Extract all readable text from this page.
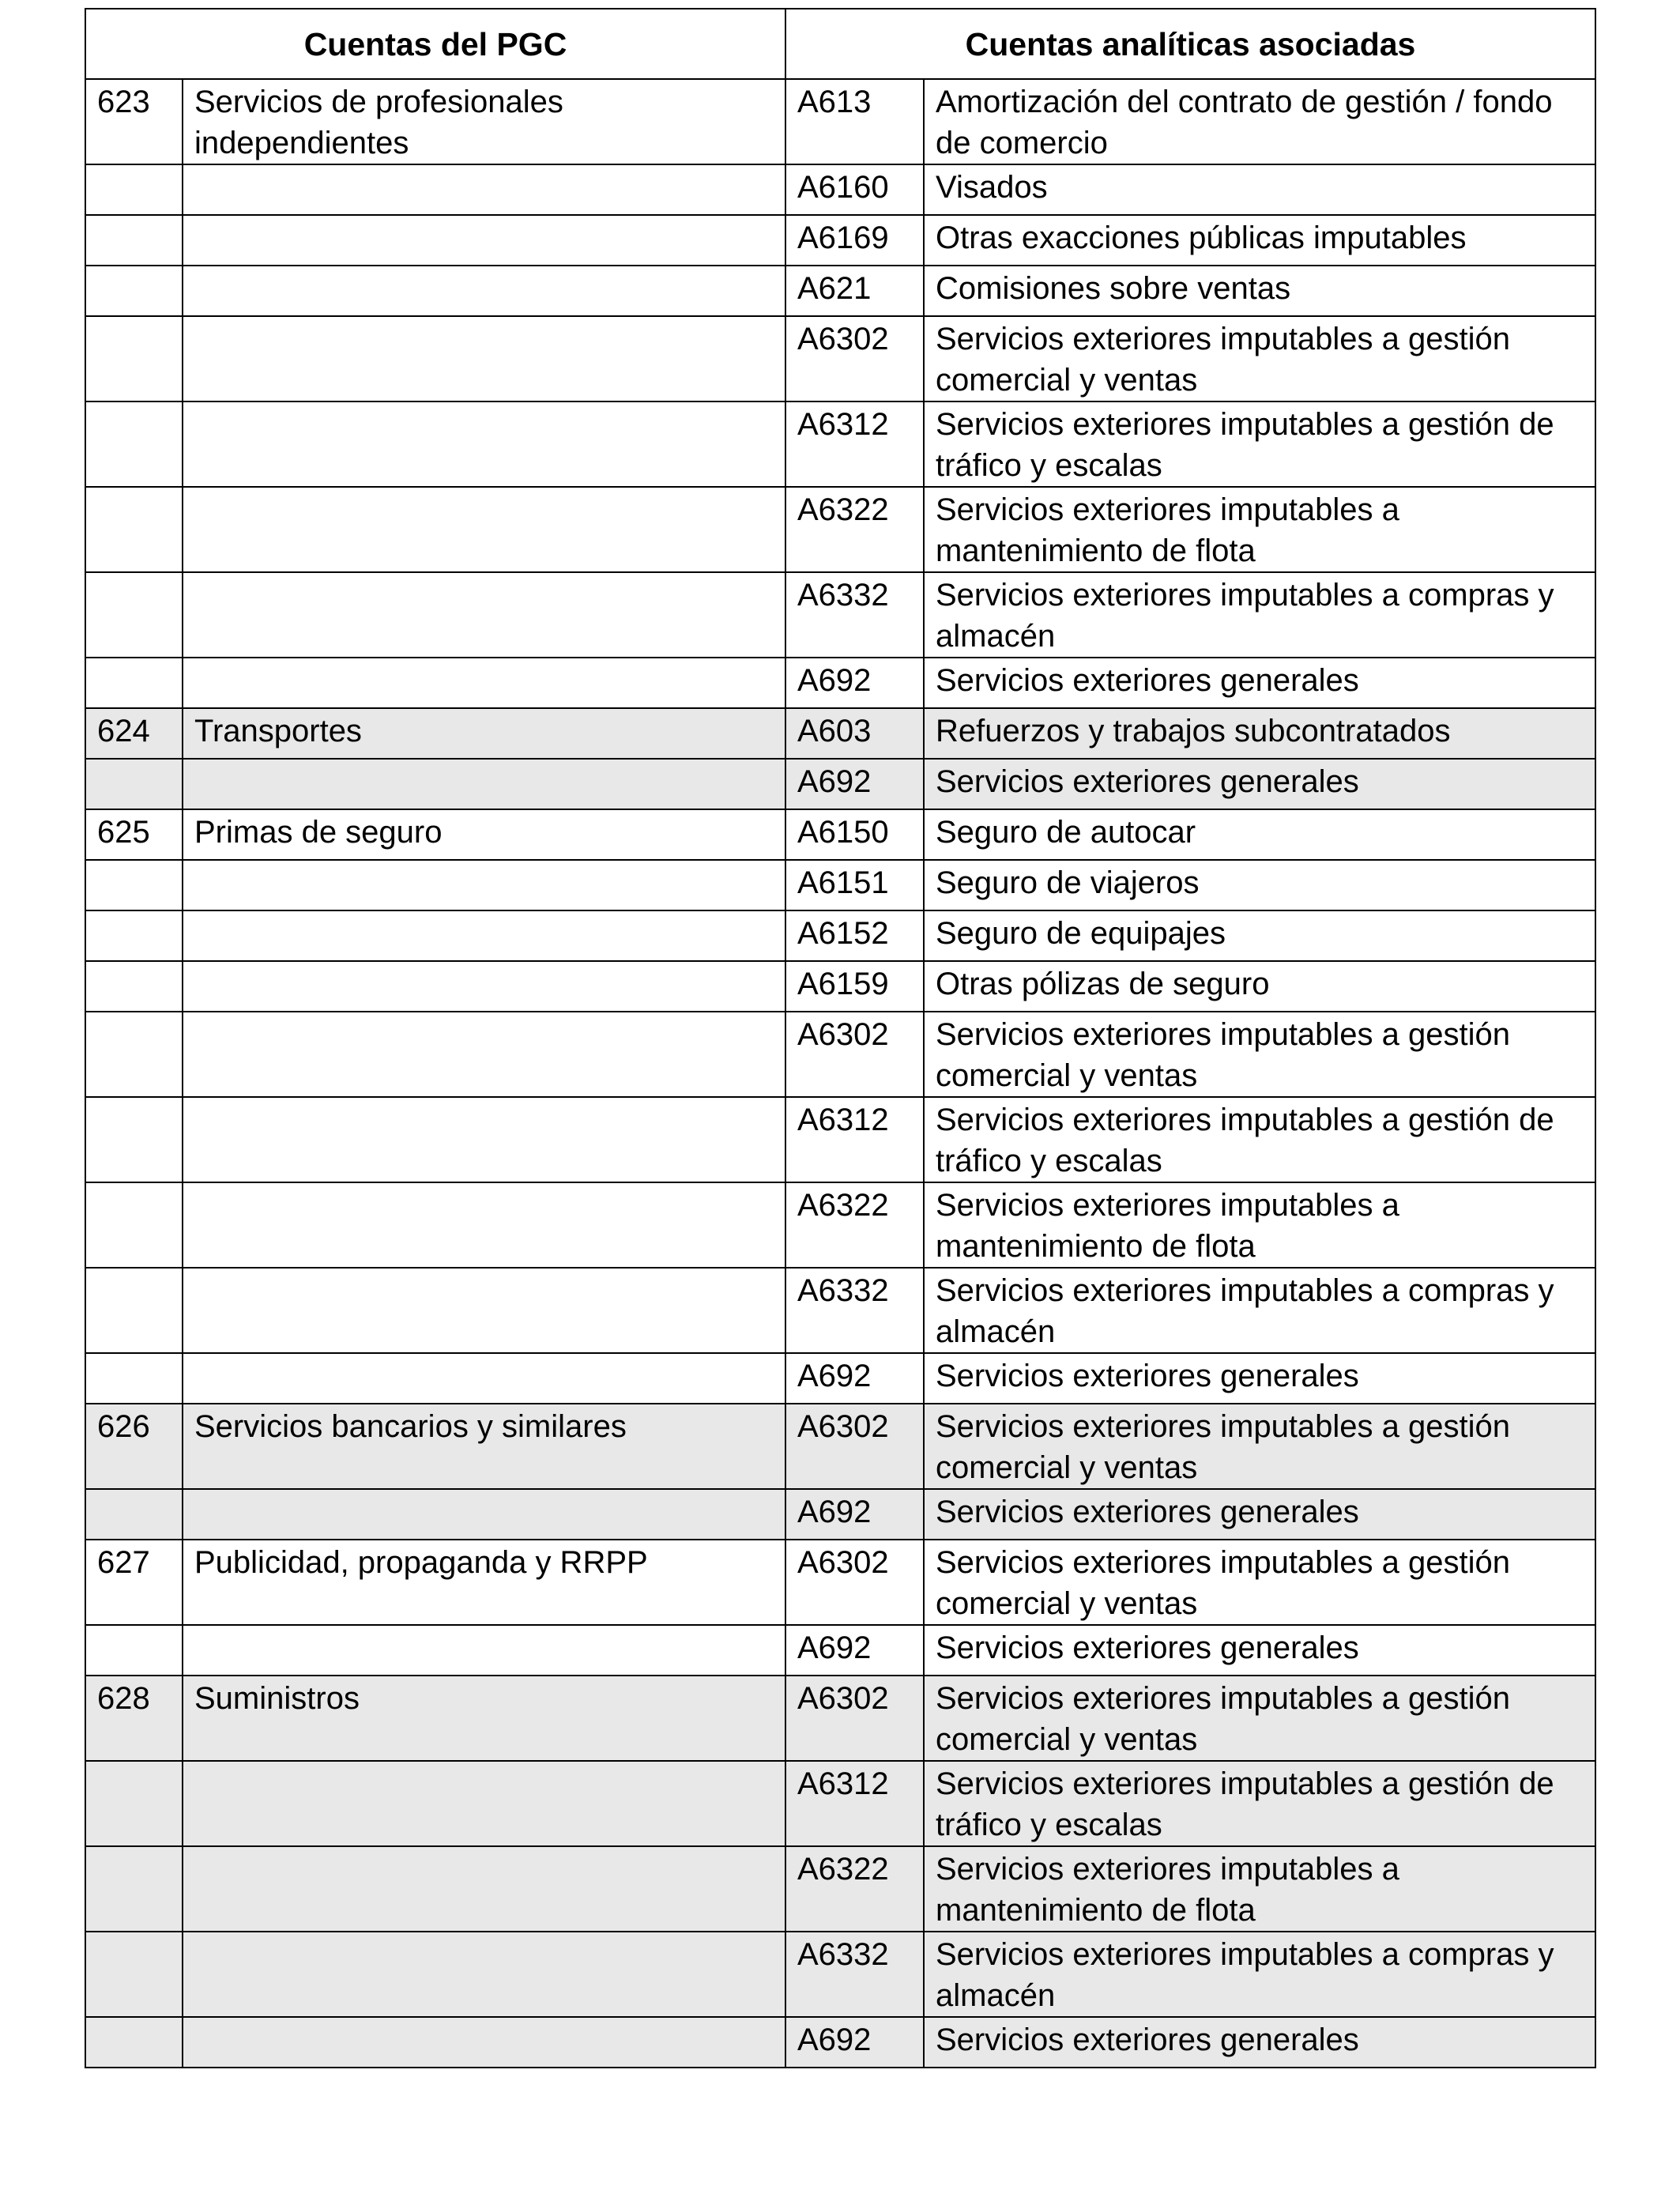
Cuentas del PGC		Cuentas analíticas asociadas	
623	Servicios de profesionales independientes	A613	Amortización del contrato de gestión / fondo de comercio
		A6160	Visados
		A6169	Otras exacciones públicas imputables
		A621	Comisiones sobre ventas
		A6302	Servicios exteriores imputables a gestión comercial y ventas
		A6312	Servicios exteriores imputables a gestión de tráfico y escalas
		A6322	Servicios exteriores imputables a mantenimiento de flota
		A6332	Servicios exteriores imputables a compras y almacén
		A692	Servicios exteriores generales
624	Transportes	A603	Refuerzos y trabajos subcontratados
		A692	Servicios exteriores generales
625	Primas de seguro	A6150	Seguro de autocar
		A6151	Seguro de viajeros
		A6152	Seguro de equipajes
		A6159	Otras pólizas de seguro
		A6302	Servicios exteriores imputables a gestión comercial y ventas
		A6312	Servicios exteriores imputables a gestión de tráfico y escalas
		A6322	Servicios exteriores imputables a mantenimiento de flota
		A6332	Servicios exteriores imputables a compras y almacén
		A692	Servicios exteriores generales
626	Servicios bancarios y similares	A6302	Servicios exteriores imputables a gestión comercial y ventas
		A692	Servicios exteriores generales
627	Publicidad, propaganda y RRPP	A6302	Servicios exteriores imputables a gestión comercial y ventas
		A692	Servicios exteriores generales
628	Suministros	A6302	Servicios exteriores imputables a gestión comercial y ventas
		A6312	Servicios exteriores imputables a gestión de tráfico y escalas
		A6322	Servicios exteriores imputables a mantenimiento de flota
		A6332	Servicios exteriores imputables a compras y almacén
		A692	Servicios exteriores generales
